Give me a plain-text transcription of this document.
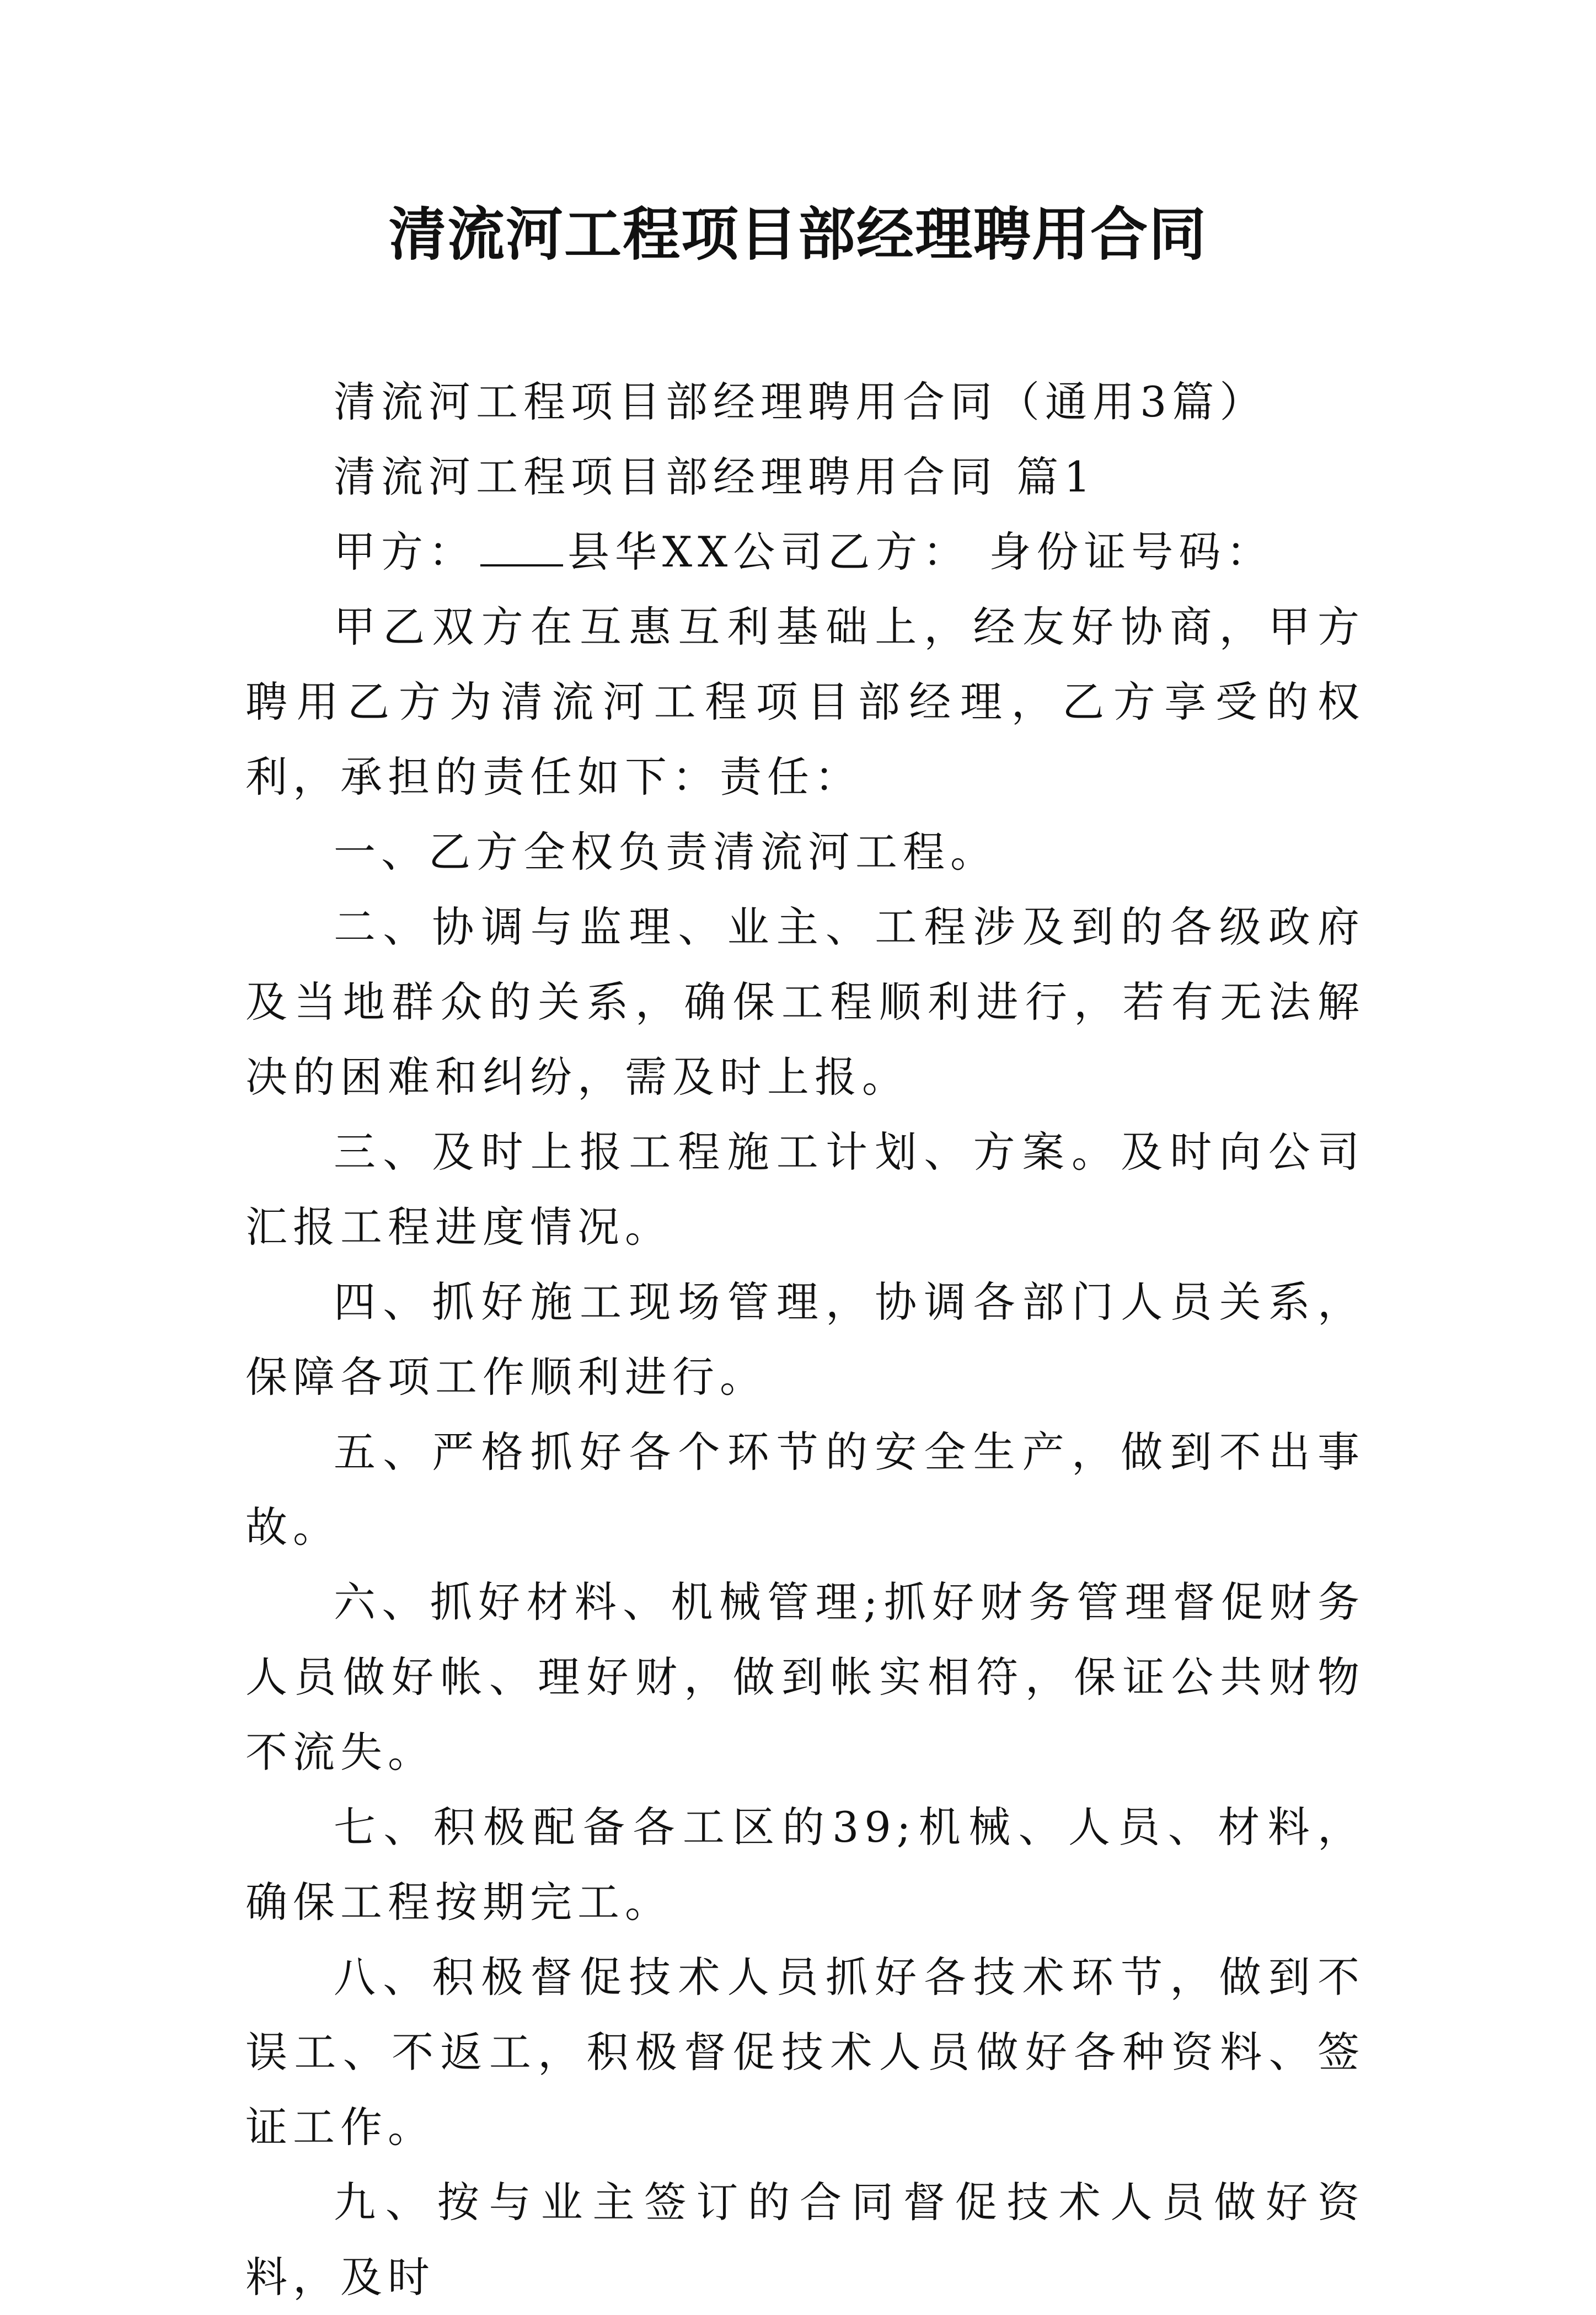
清流河工程项目部经理聘用合同

清流河工程项目部经理聘用合同（通用3篇）

清流河工程项目部经理聘用合同 篇1

甲方： 县华XX公司乙方： 身份证号码：

甲乙双方在互惠互利基础上，经友好协商，甲方聘用乙方为清流河工程项目部经理，乙方享受的权利，承担的责任如下：责任：

一、乙方全权负责清流河工程。

二、协调与监理、业主、工程涉及到的各级政府及当地群众的关系，确保工程顺利进行，若有无法解决的困难和纠纷，需及时上报。

三、及时上报工程施工计划、方案。及时向公司汇报工程进度情况。

四、抓好施工现场管理，协调各部门人员关系，保障各项工作顺利进行。

五、严格抓好各个环节的安全生产，做到不出事故。

六、抓好材料、机械管理;抓好财务管理督促财务人员做好帐、理好财，做到帐实相符，保证公共财物不流失。

七、积极配备各工区的39;机械、人员、材料，确保工程按期完工。

八、积极督促技术人员抓好各技术环节，做到不误工、不返工，积极督促技术人员做好各种资料、签证工作。

九、按与业主签订的合同督促技术人员做好资料，及时
